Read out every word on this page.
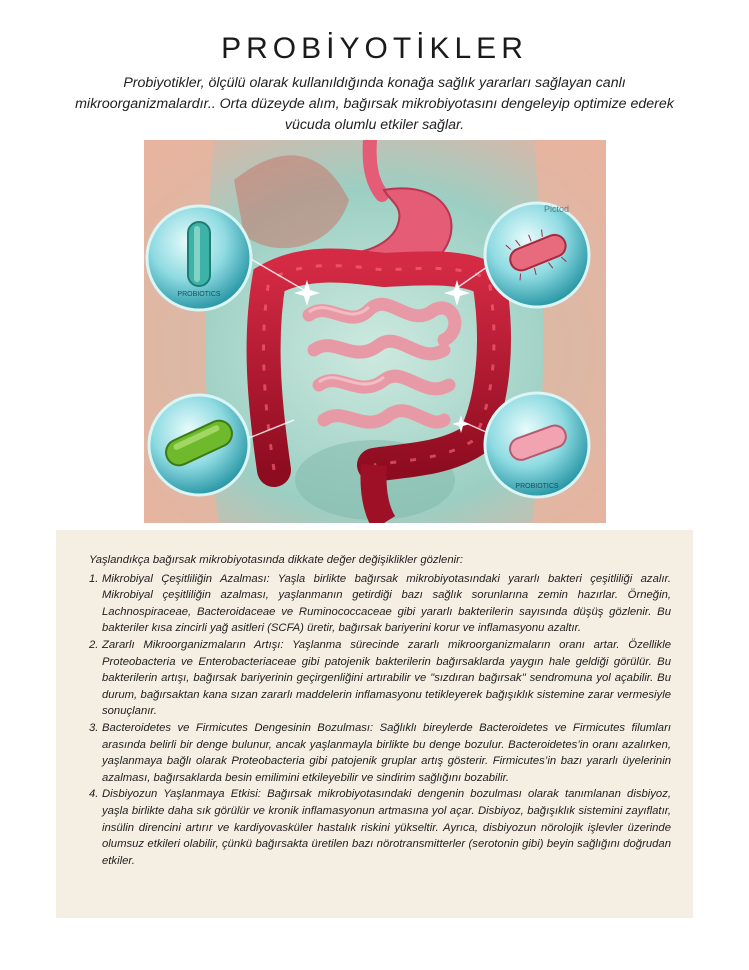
PROBİYOTİKLER
Probiyotikler, ölçülü olarak kullanıldığında konağa sağlık yararları sağlayan canlı mikroorganizmalardır.. Orta düzeyde alım, bağırsak mikrobiyotasını dengeleyip optimize ederek vücuda olumlu etkiler sağlar.
PROBIOTICS
PROBIOTICS
Pictod

Yaşlandıkça bağırsak mikrobiyotasında dikkate değer değişiklikler gözlenir:

1. Mikrobiyal Çeşitliliğin Azalması: Yaşla birlikte bağırsak mikrobiyotasındaki yararlı bakteri çeşitliliği azalır. Mikrobiyal çeşitliliğin azalması, yaşlanmanın getirdiği bazı sağlık sorunlarına zemin hazırlar. Örneğin, Lachnospiraceae, Bacteroidaceae ve Ruminococcaceae gibi yararlı bakterilerin sayısında düşüş gözlenir. Bu bakteriler kısa zincirli yağ asitleri (SCFA) üretir, bağırsak bariyerini korur ve inflamasyonu azaltır.
2. Zararlı Mikroorganizmaların Artışı: Yaşlanma sürecinde zararlı mikroorganizmaların oranı artar. Özellikle Proteobacteria ve Enterobacteriaceae gibi patojenik bakterilerin bağırsaklarda yaygın hale geldiği görülür. Bu bakterilerin artışı, bağırsak bariyerinin geçirgenliğini artırabilir ve "sızdıran bağırsak" sendromuna yol açabilir. Bu durum, bağırsaktan kana sızan zararlı maddelerin inflamasyonu tetikleyerek bağışıklık sistemine zarar vermesiyle sonuçlanır.
3. Bacteroidetes ve Firmicutes Dengesinin Bozulması: Sağlıklı bireylerde Bacteroidetes ve Firmicutes filumları arasında belirli bir denge bulunur, ancak yaşlanmayla birlikte bu denge bozulur. Bacteroidetes’in oranı azalırken, yaşlanmaya bağlı olarak Proteobacteria gibi patojenik gruplar artış gösterir. Firmicutes’in bazı yararlı üyelerinin azalması, bağırsaklarda besin emilimini etkileyebilir ve sindirim sağlığını bozabilir.
4. Disbiyozun Yaşlanmaya Etkisi: Bağırsak mikrobiyotasındaki dengenin bozulması olarak tanımlanan disbiyoz, yaşla birlikte daha sık görülür ve kronik inflamasyonun artmasına yol açar. Disbiyoz, bağışıklık sistemini zayıflatır, insülin direncini artırır ve kardiyovasküler hastalık riskini yükseltir. Ayrıca, disbiyozun nörolojik işlevler üzerinde olumsuz etkileri olabilir, çünkü bağırsakta üretilen bazı nörotransmitterler (serotonin gibi) beyin sağlığını doğrudan etkiler.
